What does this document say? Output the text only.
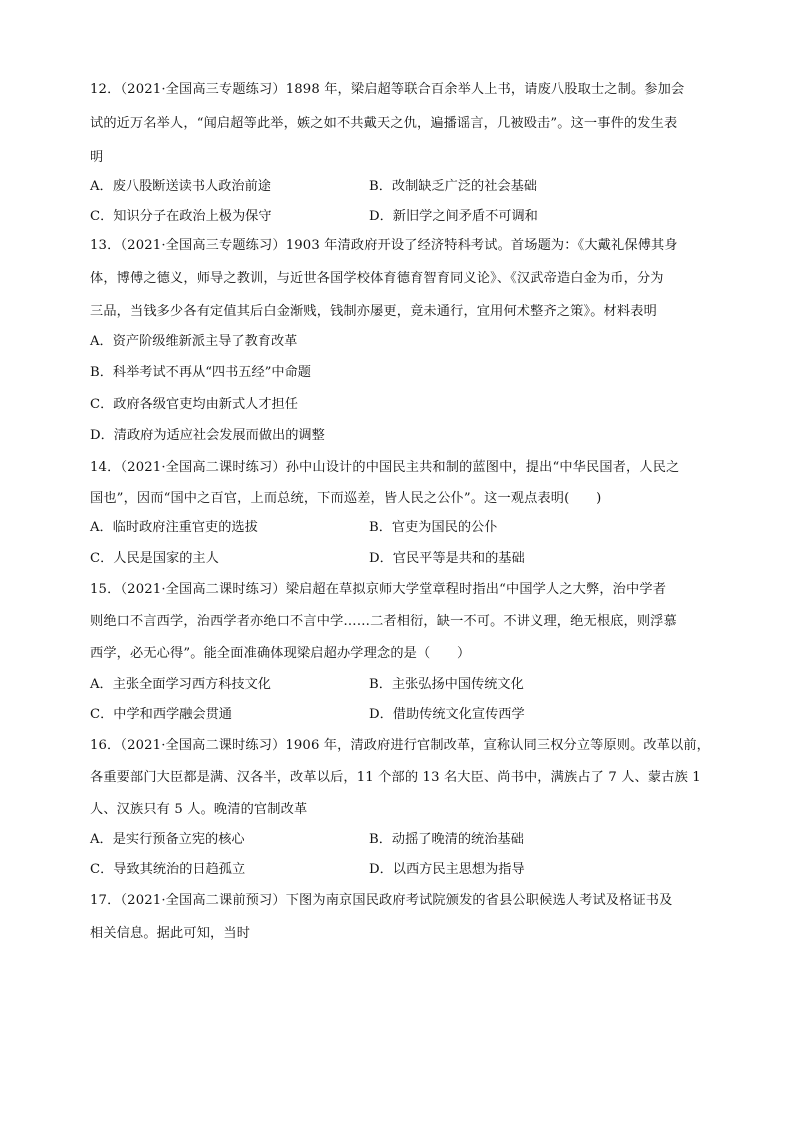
12．（2021·全国高三专题练习）1898 年，梁启超等联合百余举人上书，请废八股取士之制。参加会
试的近万名举人，“闻启超等此举，嫉之如不共戴天之仇，遍播谣言，几被殴击”。这一事件的发生表
明
A．废八股断送读书人政治前途	B．改制缺乏广泛的社会基础
C．知识分子在政治上极为保守	D．新旧学之间矛盾不可调和
13．（2021·全国高三专题练习）1903 年清政府开设了经济特科考试。首场题为：《大戴礼保傅其身
体，博傅之德义，师导之教训，与近世各国学校体育德育智育同义论》、《汉武帝造白金为币，分为
三品，当钱多少各有定值其后白金渐贱，钱制亦屡更，竟未通行，宜用何术整齐之策》。材料表明
A．资产阶级维新派主导了教育改革
B．科举考试不再从“四书五经”中命题
C．政府各级官吏均由新式人才担任
D．清政府为适应社会发展而做出的调整
14．（2021·全国高二课时练习）孙中山设计的中国民主共和制的蓝图中，提出“中华民国者，人民之
国也”，因而“国中之百官，上而总统，下而巡差，皆人民之公仆”。这一观点表明(　　)
A．临时政府注重官吏的选拔	B．官吏为国民的公仆
C．人民是国家的主人	D．官民平等是共和的基础
15．（2021·全国高二课时练习）梁启超在草拟京师大学堂章程时指出“中国学人之大弊，治中学者
则绝口不言西学，治西学者亦绝口不言中学……二者相衍，缺一不可。不讲义理，绝无根底，则浮慕
西学，必无心得”。能全面准确体现梁启超办学理念的是（　　）
A．主张全面学习西方科技文化	B．主张弘扬中国传统文化
C．中学和西学融会贯通	D．借助传统文化宣传西学
16．（2021·全国高二课时练习）1906 年，清政府进行官制改革，宣称认同三权分立等原则。改革以前，
各重要部门大臣都是满、汉各半，改革以后，11 个部的 13 名大臣、尚书中，满族占了 7 人、蒙古族 1
人、汉族只有 5 人。晚清的官制改革
A．是实行预备立宪的核心	B．动摇了晚清的统治基础
C．导致其统治的日趋孤立	D．以西方民主思想为指导
17．（2021·全国高二课前预习）下图为南京国民政府考试院颁发的省县公职候选人考试及格证书及
相关信息。据此可知，当时
